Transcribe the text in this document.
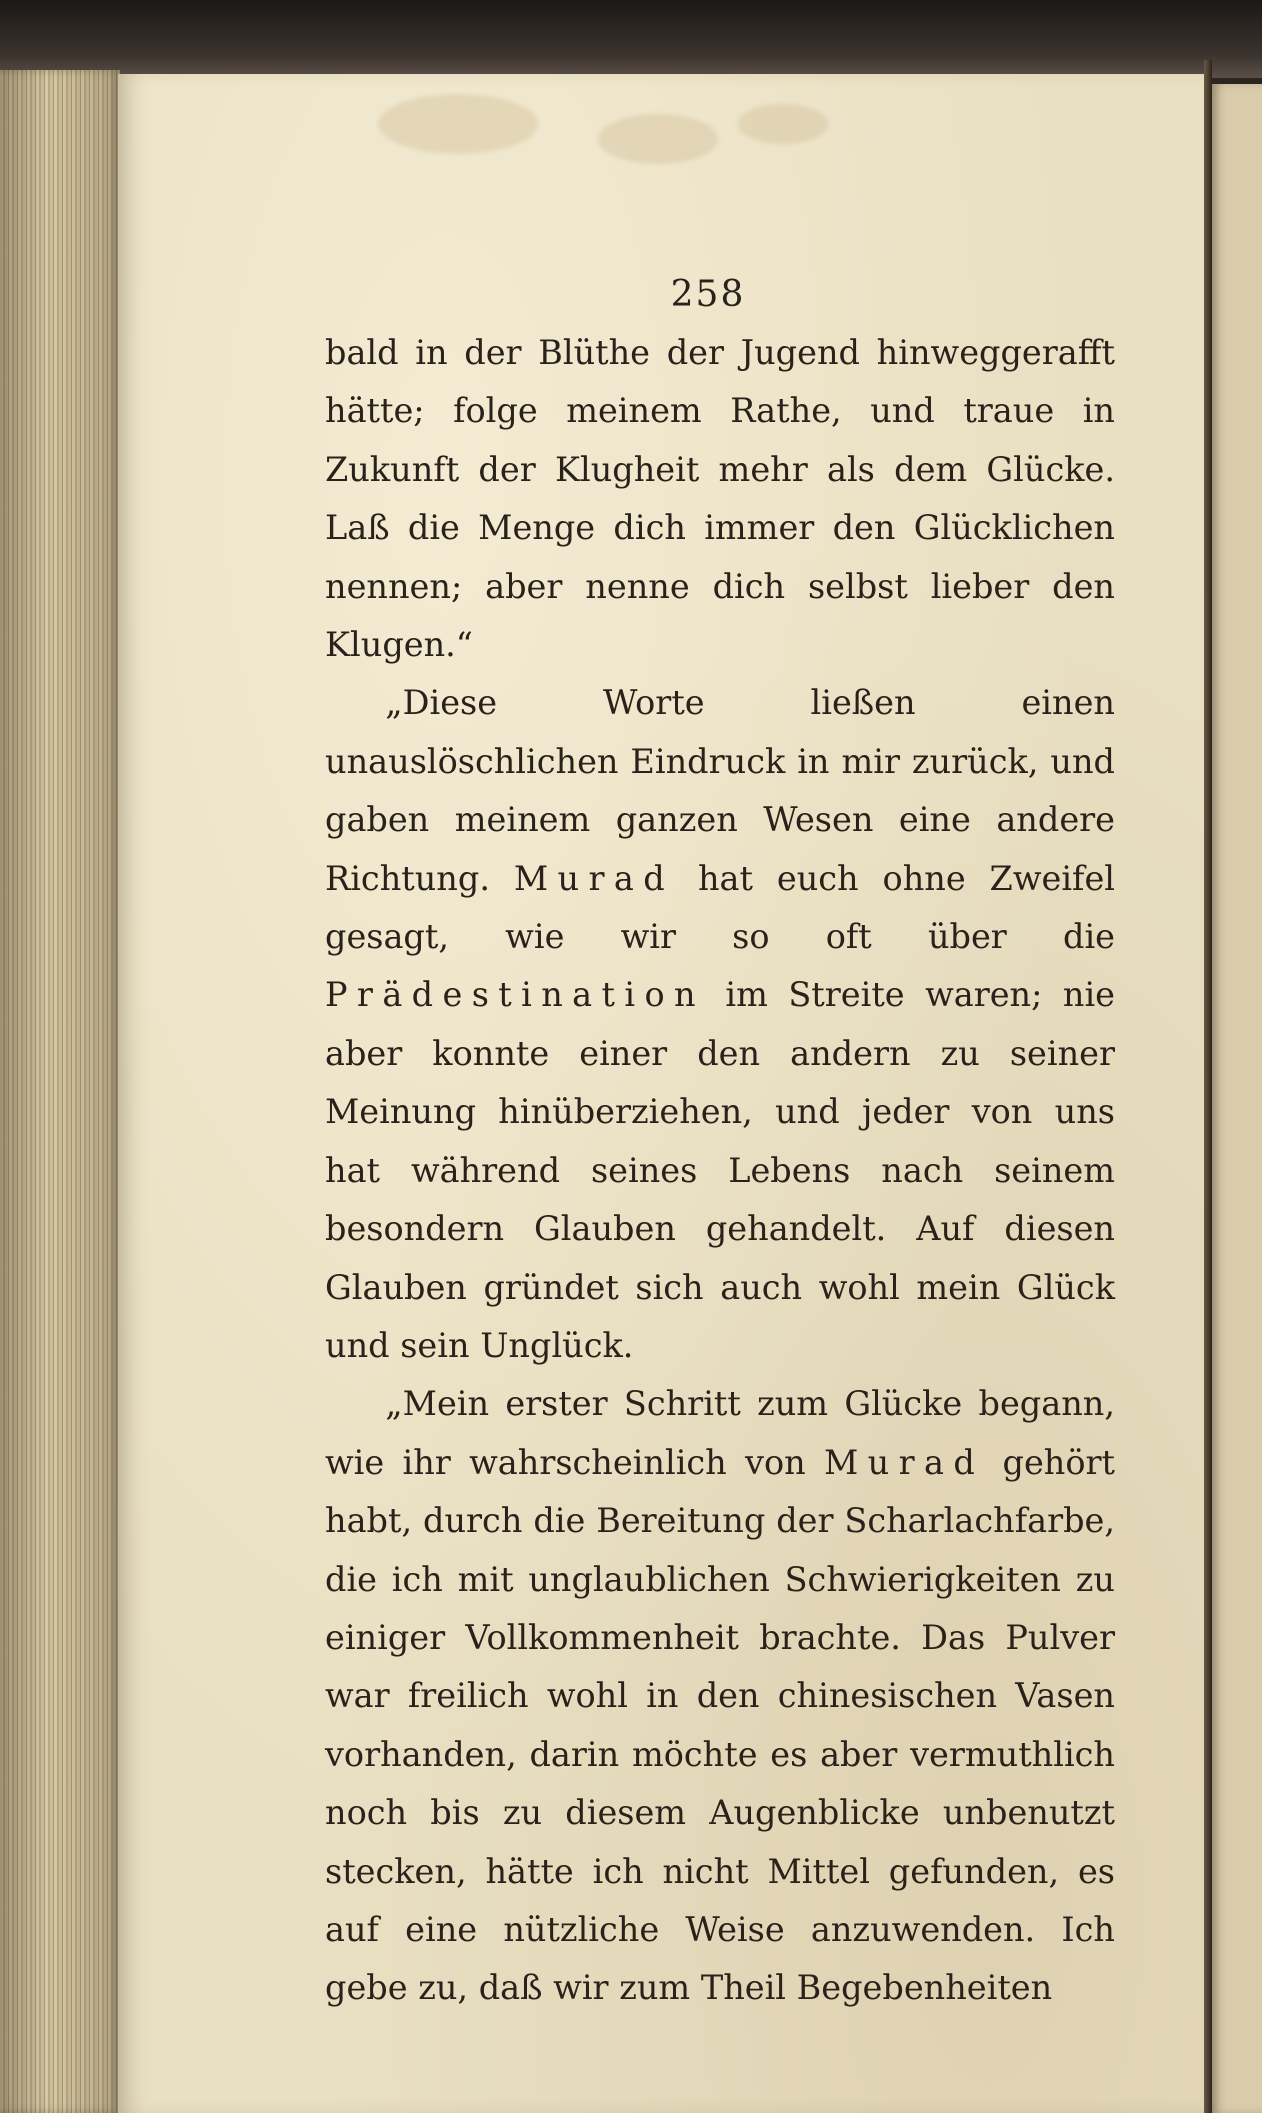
258

bald in der Blüthe der Jugend hinweggerafft hätte; folge meinem Rathe, und traue in Zukunft der Klugheit mehr als dem Glücke. Laß die Menge dich immer den Glücklichen nennen; aber nenne dich selbst lieber den Klugen.“

„Diese Worte ließen einen unauslöschlichen Eindruck in mir zurück, und gaben meinem ganzen Wesen eine andere Richtung. Murad hat euch ohne Zweifel gesagt, wie wir so oft über die Prädestination im Streite waren; nie aber konnte einer den andern zu seiner Meinung hinüberziehen, und jeder von uns hat während seines Lebens nach seinem besondern Glauben gehandelt. Auf diesen Glauben gründet sich auch wohl mein Glück und sein Unglück.

„Mein erster Schritt zum Glücke begann, wie ihr wahrscheinlich von Murad gehört habt, durch die Bereitung der Scharlachfarbe, die ich mit unglaublichen Schwierigkeiten zu einiger Vollkommenheit brachte. Das Pulver war freilich wohl in den chinesischen Vasen vorhanden, darin möchte es aber vermuthlich noch bis zu diesem Augenblicke unbenutzt stecken, hätte ich nicht Mittel gefunden, es auf eine nützliche Weise anzuwenden. Ich gebe zu, daß wir zum Theil Begebenheiten
